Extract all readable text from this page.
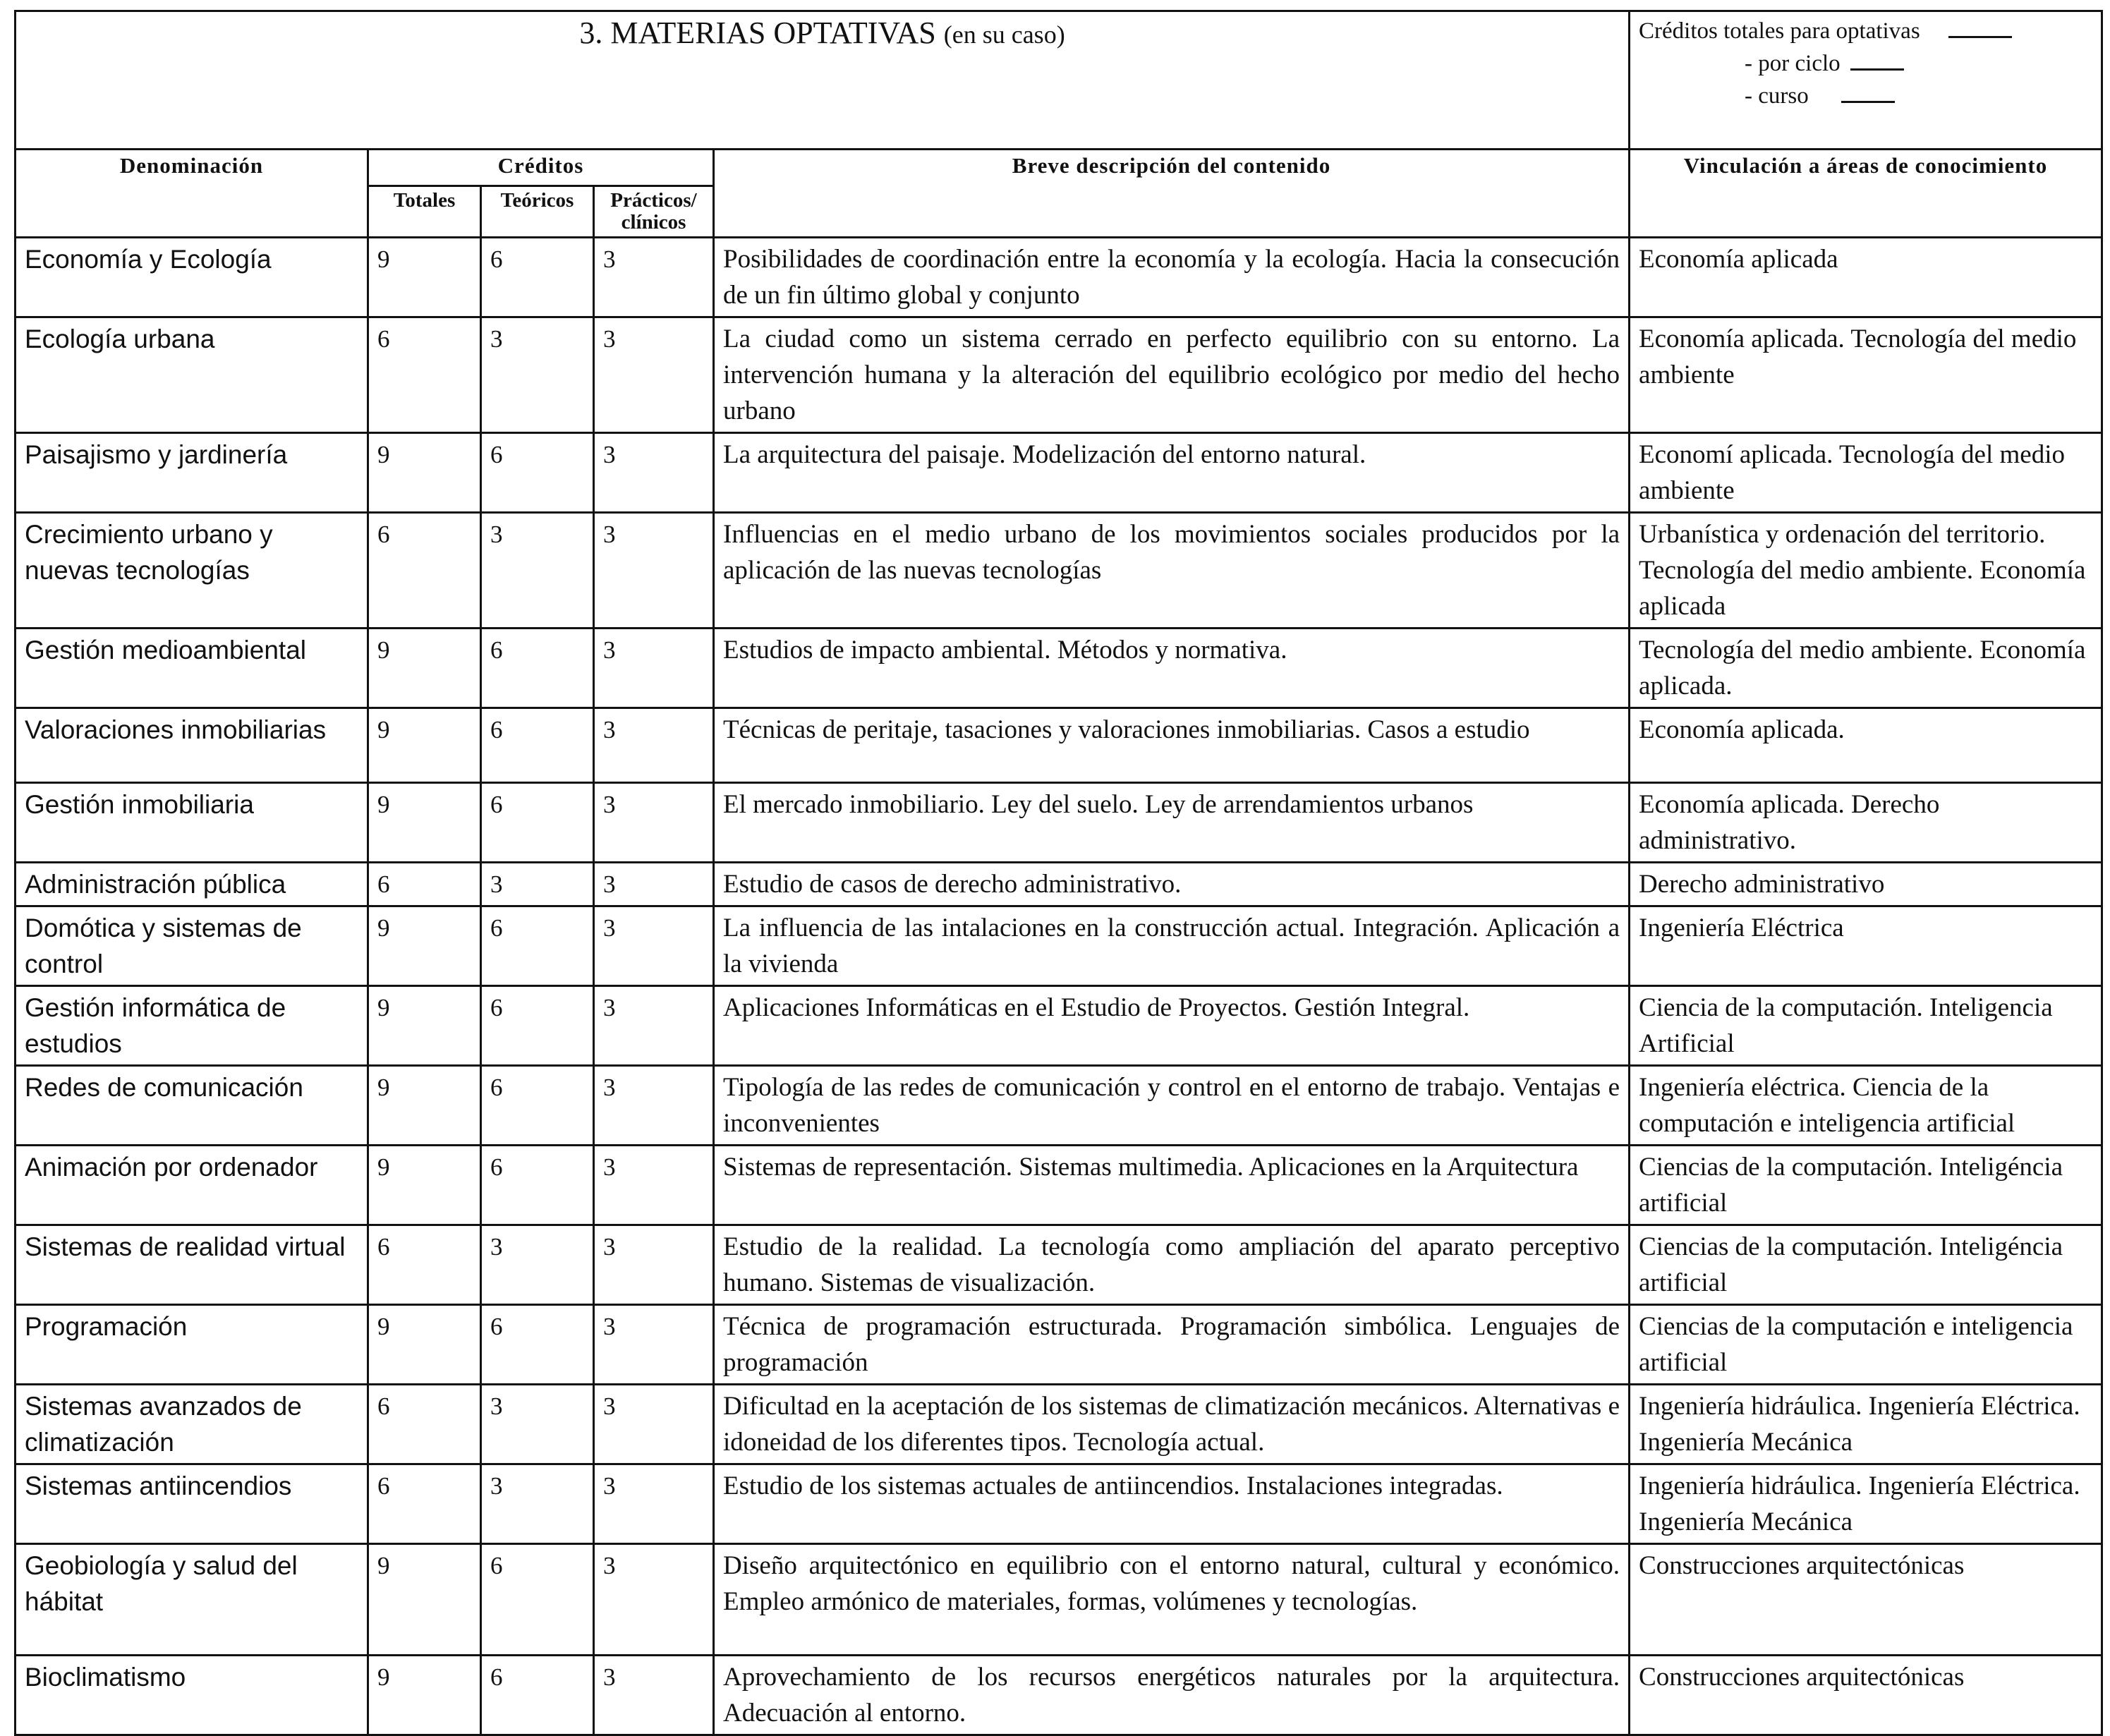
3. MATERIAS OPTATIVAS (en su caso)					Créditos totales para optativas
- por ciclo
- curso

Denominación	Créditos			Breve descripción del contenido	Vinculación a áreas de conocimiento
	Totales	Teóricos	Prácticos/ clínicos		
Economía y Ecología	9	6	3	Posibilidades de coordinación entre la economía y la ecología. Hacia la consecución de un fin último global y conjunto	Economía aplicada
Ecología urbana	6	3	3	La ciudad como un sistema cerrado en perfecto equilibrio con su entorno. La intervención humana y la alteración del equilibrio ecológico por medio del hecho urbano	Economía aplicada. Tecnología del medio ambiente
Paisajismo y jardinería	9	6	3	La arquitectura del paisaje. Modelización del entorno natural.	Economí aplicada. Tecnología del medio ambiente
Crecimiento urbano y nuevas tecnologías	6	3	3	Influencias en el medio urbano de los movimientos sociales producidos por la aplicación de las nuevas tecnologías	Urbanística y ordenación del territorio. Tecnología del medio ambiente. Economía aplicada
Gestión medioambiental	9	6	3	Estudios de impacto ambiental. Métodos y normativa.	Tecnología del medio ambiente. Economía aplicada.
Valoraciones inmobiliarias	9	6	3	Técnicas de peritaje, tasaciones y valoraciones inmobiliarias. Casos a estudio	Economía aplicada.
Gestión inmobiliaria	9	6	3	El mercado inmobiliario. Ley del suelo. Ley de arrendamientos urbanos	Economía aplicada. Derecho administrativo.
Administración pública	6	3	3	Estudio de casos de derecho administrativo.	Derecho administrativo
Domótica y sistemas de control	9	6	3	La influencia de las intalaciones en la construcción actual. Integración. Aplicación a la vivienda	Ingeniería Eléctrica
Gestión informática de estudios	9	6	3	Aplicaciones Informáticas en el Estudio de Proyectos. Gestión Integral.	Ciencia de la computación. Inteligencia Artificial
Redes de comunicación	9	6	3	Tipología de las redes de comunicación y control en el entorno de trabajo. Ventajas e inconvenientes	Ingeniería eléctrica. Ciencia de la computación e inteligencia artificial
Animación por ordenador	9	6	3	Sistemas de representación. Sistemas multimedia. Aplicaciones en la Arquitectura	Ciencias de la computación. Inteligéncia artificial
Sistemas de realidad virtual	6	3	3	Estudio de la realidad. La tecnología como ampliación del aparato perceptivo humano. Sistemas de visualización.	Ciencias de la computación. Inteligéncia artificial
Programación	9	6	3	Técnica de programación estructurada. Programación simbólica. Lenguajes de programación	Ciencias de la computación e inteligencia artificial
Sistemas avanzados de climatización	6	3	3	Dificultad en la aceptación de los sistemas de climatización mecánicos. Alternativas e idoneidad de los diferentes tipos. Tecnología actual.	Ingeniería hidráulica. Ingeniería Eléctrica. Ingeniería Mecánica
Sistemas antiincendios	6	3	3	Estudio de los sistemas actuales de antiincendios. Instalaciones integradas.	Ingeniería hidráulica. Ingeniería Eléctrica. Ingeniería Mecánica
Geobiología y salud del hábitat	9	6	3	Diseño arquitectónico en equilibrio con el entorno natural, cultural y económico. Empleo armónico de materiales, formas, volúmenes y tecnologías.	Construcciones arquitectónicas
Bioclimatismo	9	6	3	Aprovechamiento de los recursos energéticos naturales por la arquitectura. Adecuación al entorno.	Construcciones arquitectónicas
